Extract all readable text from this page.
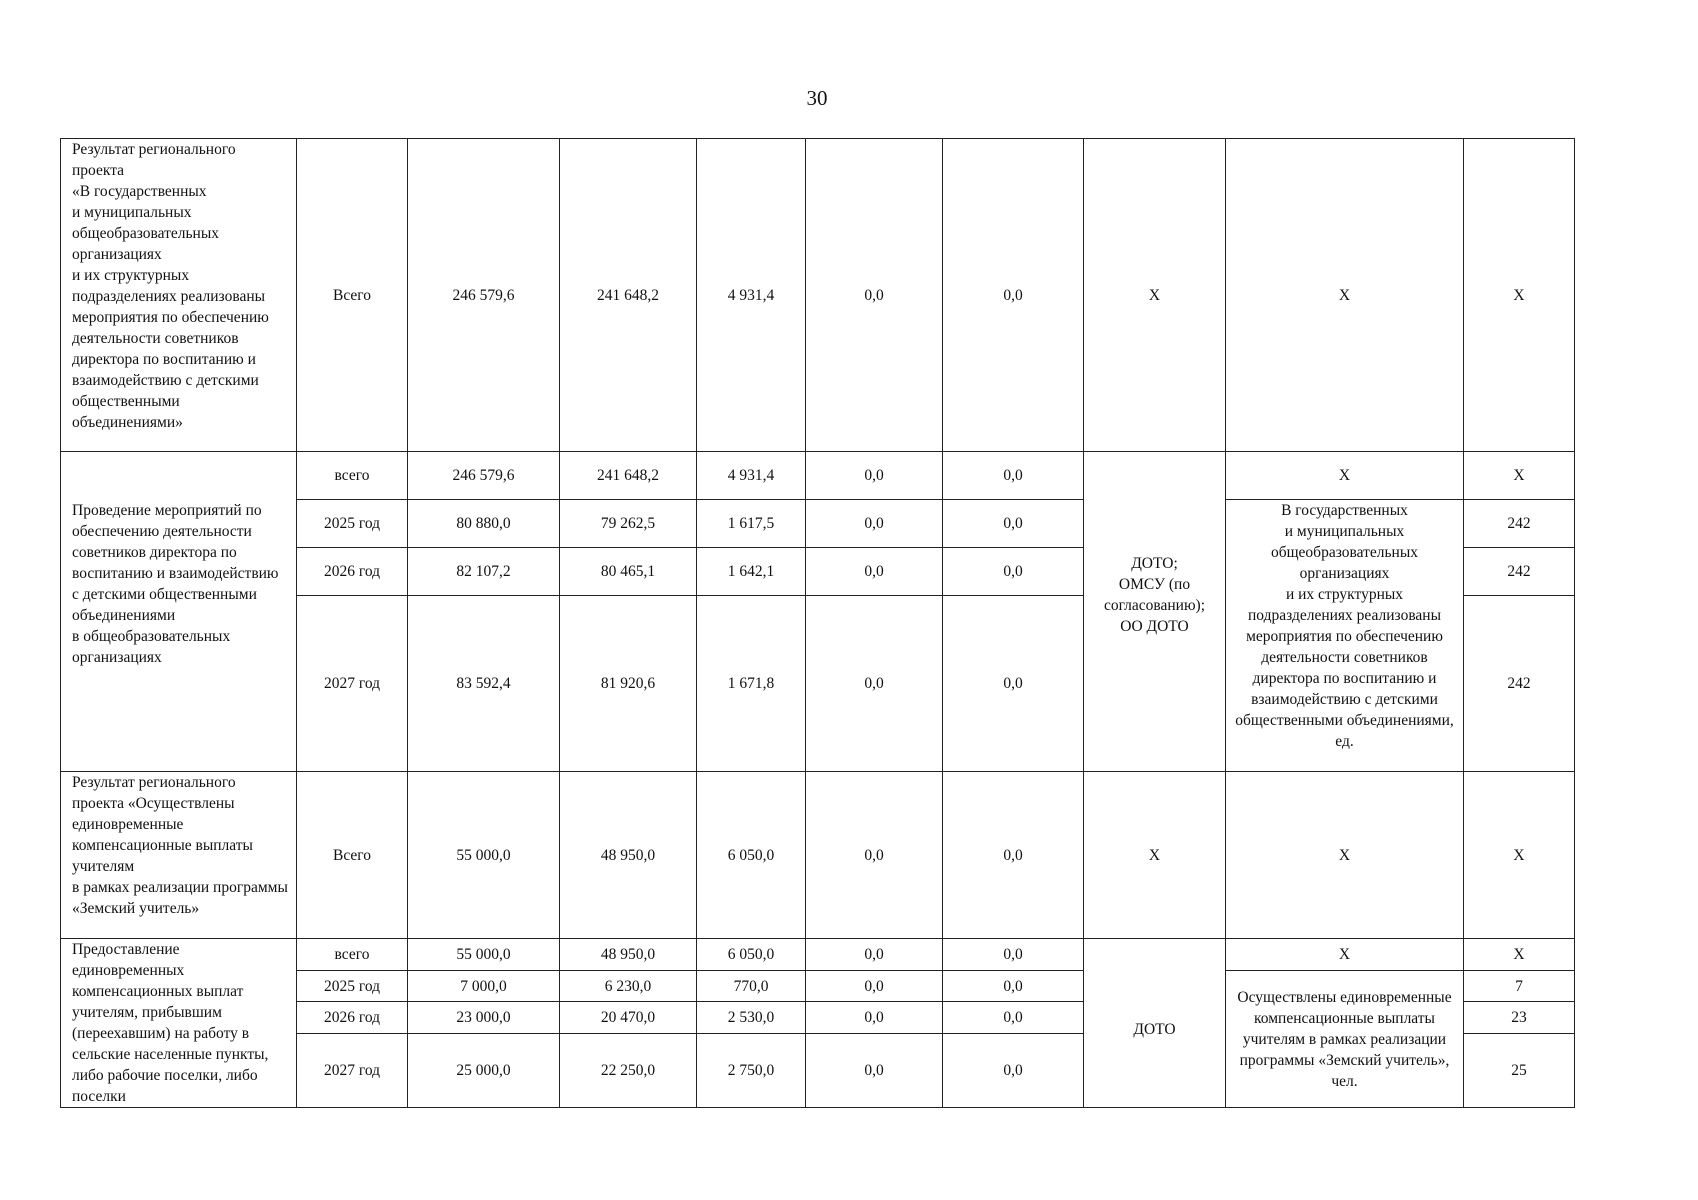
30
Результат регионального проекта
«В государственных
и муниципальных общеобразовательных организациях
и их структурных подразделениях реализованы мероприятия по обеспечению деятельности советников директора по воспитанию и взаимодействию с детскими общественными объединениями»	Всего	246 579,6	241 648,2	4 931,4	0,0	0,0	Х	Х	Х
Проведение мероприятий по обеспечению деятельности советников директора по воспитанию и взаимодействию
с детскими общественными объединениями
в общеобразовательных организациях	всего	246 579,6	241 648,2	4 931,4	0,0	0,0	ДОТО;
ОМСУ (по согласованию);
ОО ДОТО	Х	Х
	2025 год	80 880,0	79 262,5	1 617,5	0,0	0,0		В государственных
и муниципальных общеобразовательных организациях
и их структурных подразделениях реализованы мероприятия по обеспечению деятельности советников директора по воспитанию и взаимодействию с детскими общественными объединениями, ед.	242
	2026 год	82 107,2	80 465,1	1 642,1	0,0	0,0			242
	2027 год	83 592,4	81 920,6	1 671,8	0,0	0,0			242
Результат регионального проекта «Осуществлены единовременные компенсационные выплаты учителям
в рамках реализации программы «Земский учитель»	Всего	55 000,0	48 950,0	6 050,0	0,0	0,0	Х	Х	Х
Предоставление единовременных компенсационных выплат учителям, прибывшим (переехавшим) на работу в сельские населенные пункты, либо рабочие поселки, либо поселки	всего	55 000,0	48 950,0	6 050,0	0,0	0,0	ДОТО	Х	Х
	2025 год	7 000,0	6 230,0	770,0	0,0	0,0		Осуществлены единовременные компенсационные выплаты учителям в рамках реализации программы «Земский учитель», чел.	7
	2026 год	23 000,0	20 470,0	2 530,0	0,0	0,0			23
	2027 год	25 000,0	22 250,0	2 750,0	0,0	0,0			25
